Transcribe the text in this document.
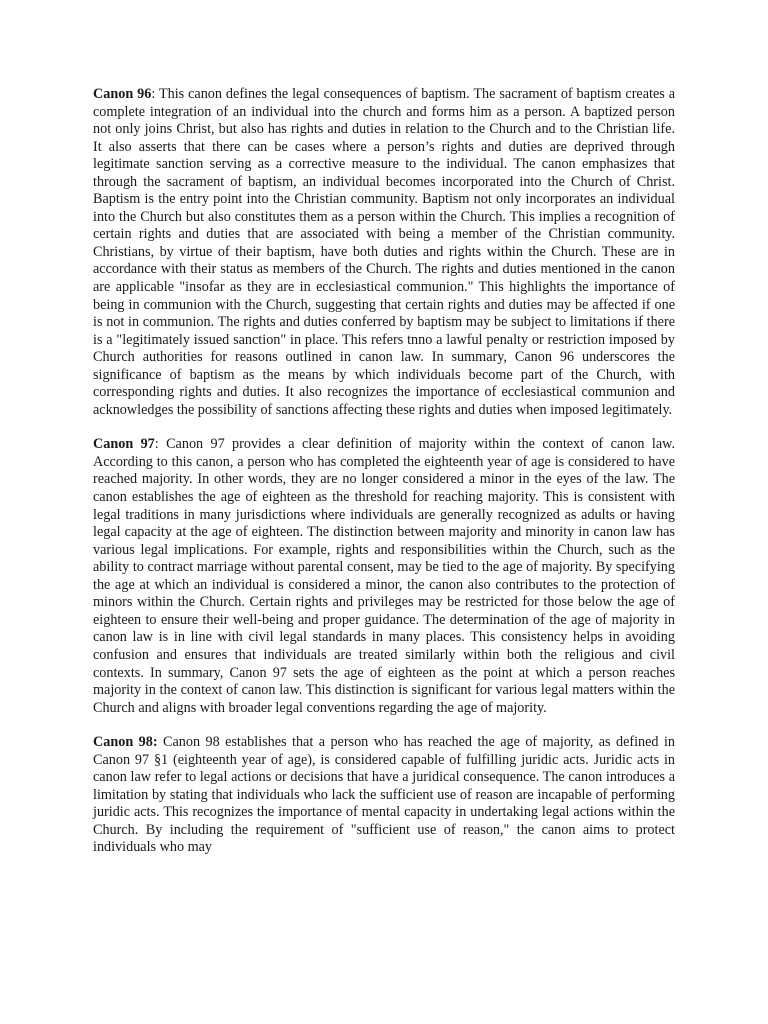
Canon 96: This canon defines the legal consequences of baptism. The sacrament of baptism creates a complete integration of an individual into the church and forms him as a person. A baptized person not only joins Christ, but also has rights and duties in relation to the Church and to the Christian life. It also asserts that there can be cases where a person’s rights and duties are deprived through legitimate sanction serving as a corrective measure to the individual. The canon emphasizes that through the sacrament of baptism, an individual becomes incorporated into the Church of Christ. Baptism is the entry point into the Christian community. Baptism not only incorporates an individual into the Church but also constitutes them as a person within the Church. This implies a recognition of certain rights and duties that are associated with being a member of the Christian community. Christians, by virtue of their baptism, have both duties and rights within the Church. These are in accordance with their status as members of the Church. The rights and duties mentioned in the canon are applicable "insofar as they are in ecclesiastical communion." This highlights the importance of being in communion with the Church, suggesting that certain rights and duties may be affected if one is not in communion. The rights and duties conferred by baptism may be subject to limitations if there is a "legitimately issued sanction" in place. This refers tnno a lawful penalty or restriction imposed by Church authorities for reasons outlined in canon law. In summary, Canon 96 underscores the significance of baptism as the means by which individuals become part of the Church, with corresponding rights and duties. It also recognizes the importance of ecclesiastical communion and acknowledges the possibility of sanctions affecting these rights and duties when imposed legitimately.

Canon 97: Canon 97 provides a clear definition of majority within the context of canon law. According to this canon, a person who has completed the eighteenth year of age is considered to have reached majority. In other words, they are no longer considered a minor in the eyes of the law. The canon establishes the age of eighteen as the threshold for reaching majority. This is consistent with legal traditions in many jurisdictions where individuals are generally recognized as adults or having legal capacity at the age of eighteen. The distinction between majority and minority in canon law has various legal implications. For example, rights and responsibilities within the Church, such as the ability to contract marriage without parental consent, may be tied to the age of majority. By specifying the age at which an individual is considered a minor, the canon also contributes to the protection of minors within the Church. Certain rights and privileges may be restricted for those below the age of eighteen to ensure their well-being and proper guidance. The determination of the age of majority in canon law is in line with civil legal standards in many places. This consistency helps in avoiding confusion and ensures that individuals are treated similarly within both the religious and civil contexts. In summary, Canon 97 sets the age of eighteen as the point at which a person reaches majority in the context of canon law. This distinction is significant for various legal matters within the Church and aligns with broader legal conventions regarding the age of majority.

Canon 98: Canon 98 establishes that a person who has reached the age of majority, as defined in Canon 97 §1 (eighteenth year of age), is considered capable of fulfilling juridic acts. Juridic acts in canon law refer to legal actions or decisions that have a juridical consequence. The canon introduces a limitation by stating that individuals who lack the sufficient use of reason are incapable of performing juridic acts. This recognizes the importance of mental capacity in undertaking legal actions within the Church. By including the requirement of "sufficient use of reason," the canon aims to protect individuals who may
